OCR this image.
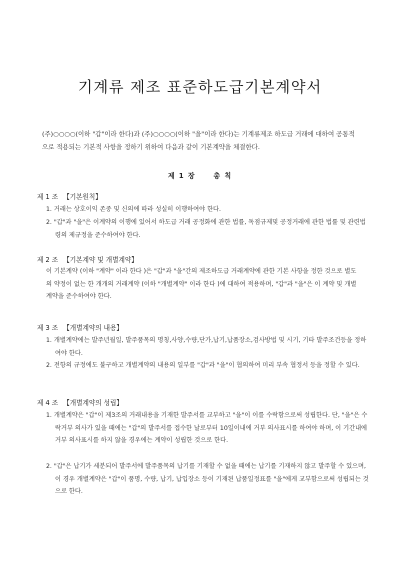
기계류 제조 표준하도급기본계약서

(주)○○○○(이하 "갑"이라 한다)과 (주)○○○○(이하 "을"이라 한다)는 기계류제조 하도급 거래에 대하여 공통적으로 적용되는 기본적 사항을 정하기 위하여 다음과 같이 기본계약을 체결한다.

제 1 장	총 칙

제 1 조 【기본원칙】

1. 거래는 상호이익 존중 및 신의에 따라 성실히 이행하여야 한다.

2. "갑"과 "을"은 이계약의 이행에 있어서 하도급 거래 공정화에 관한 법률, 독점규제및 공정거래에 관한 법률 및 관련법령의 제규정을 준수하여야 한다.

제 2 조 【기본계약 및 개별계약】

이 기본계약 (이하 "계약" 이라 한다 )은 "갑"과 "을"간의 제조하도급 거래계약에 관한 기본 사항을 정한 것으로 별도의 약정이 없는 한 개개의 거래계약 (이하 "개별계약" 이라 한다 )에 대하여 적용하며, "갑"과 "을"은 이 계약 및 개별계약을 준수하여야 한다.

제 3 조 【개별계약의 내용】

1. 개별계약에는 발주년월일, 발주품목의 명칭,사양,수량,단가,납기,납품장소,검사방법 및 시기, 기타 발주조건등을 정하여야 한다.

2. 전항의 규정에도 불구하고 개별계약의 내용의 일부를 "갑"과 "을"이 협의하여 미리 부속 협정서 등을 정할 수 있다.

제 4 조 【개별계약의 성립】

1. 개별계약은 "갑"이 제3조의 거래내용을 기재한 발주서를 교부하고 "을"이 이를 수락함으로써 성립한다. 단, "을"은 수락거부 의사가 있을 때에는 "갑"의 발주서를 접수한 날로부터 10일이내에 거부 의사표시를 하여야 하며, 이 기간내에 거부 의사표시를 하지 않을 경우에는 계약이 성립한 것으로 한다.

2. "갑"은 납기가 세분되어 발주서에 발주품목의 납기를 기재할 수 없을 때에는 납기를 기재하지 않고 발주할 수 있으며, 이 경우 개별계약은 "갑"이 품명, 수량, 납기, 납입장소 등이 기재된 납품일정표를 "을"에게 교부함으로써 성립되는 것으로 한다.
